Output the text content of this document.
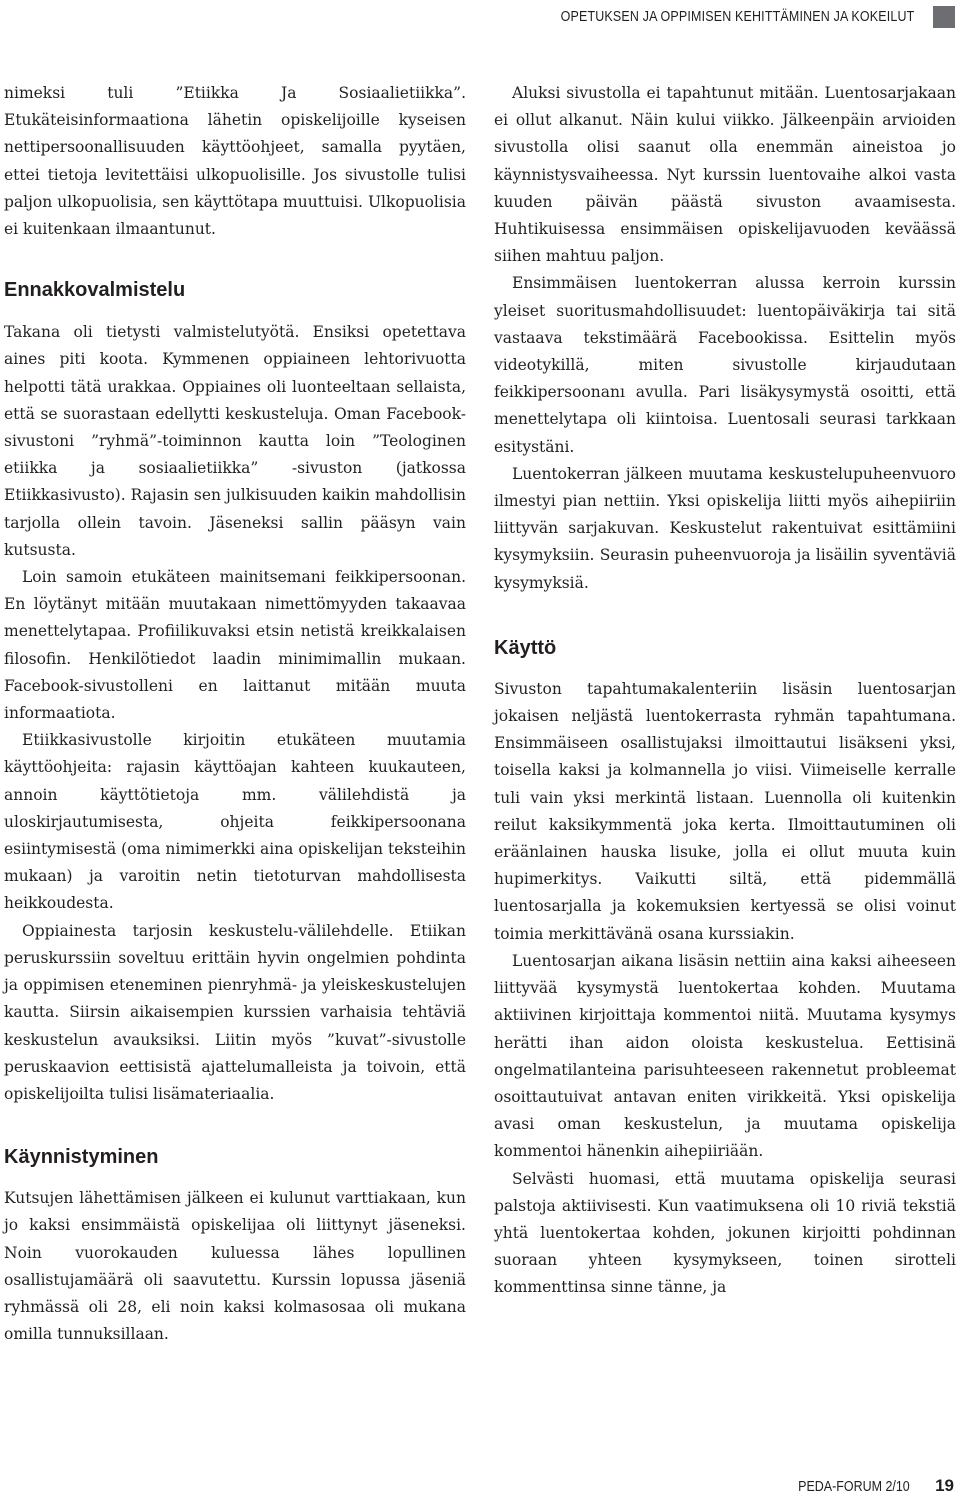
OPETUKSEN JA OPPIMISEN KEHITTÄMINEN JA KOKEILUT

nimeksi tuli ”Etiikka Ja Sosiaalietiikka”. Etukäteisinformaationa lähetin opiskelijoille kyseisen nettipersoonallisuuden käyttöohjeet, samalla pyytäen, ettei tietoja levitettäisi ulkopuolisille. Jos sivustolle tulisi paljon ulkopuolisia, sen käyttötapa muuttuisi. Ulkopuolisia ei kuitenkaan ilmaantunut.

Ennakkovalmistelu

Takana oli tietysti valmistelutyötä. Ensiksi opetettava aines piti koota. Kymmenen oppiaineen lehtorivuotta helpotti tätä urakkaa. Oppiaines oli luonteeltaan sellaista, että se suorastaan edellytti keskusteluja. Oman Facebook-sivustoni ”ryhmä”-toiminnon kautta loin ”Teologinen etiikka ja sosiaalietiikka” -sivuston (jatkossa Etiikkasivusto). Rajasin sen julkisuuden kaikin mahdollisin tarjolla ollein tavoin. Jäseneksi sallin pääsyn vain kutsusta.

Loin samoin etukäteen mainitsemani feikkipersoonan. En löytänyt mitään muutakaan nimettömyyden takaavaa menettelytapaa. Profiilikuvaksi etsin netistä kreikkalaisen filosofin. Henkilötiedot laadin minimimallin mukaan. Facebook-sivustolleni en laittanut mitään muuta informaatiota.

Etiikkasivustolle kirjoitin etukäteen muutamia käyttöohjeita: rajasin käyttöajan kahteen kuukauteen, annoin käyttötietoja mm. välilehdistä ja uloskirjautumisesta, ohjeita feikkipersoonana esiintymisestä (oma nimimerkki aina opiskelijan teksteihin mukaan) ja varoitin netin tietoturvan mahdollisesta heikkoudesta.

Oppiainesta tarjosin keskustelu-välilehdelle. Etiikan peruskurssiin soveltuu erittäin hyvin ongelmien pohdinta ja oppimisen eteneminen pienryhmä- ja yleiskeskustelujen kautta. Siirsin aikaisempien kurssien varhaisia tehtäviä keskustelun avauksiksi. Liitin myös ”kuvat”-sivustolle peruskaavion eettisistä ajattelumalleista ja toivoin, että opiskelijoilta tulisi lisämateriaalia.

Käynnistyminen

Kutsujen lähettämisen jälkeen ei kulunut varttiakaan, kun jo kaksi ensimmäistä opiskelijaa oli liittynyt jäseneksi. Noin vuorokauden kuluessa lähes lopullinen osallistujamäärä oli saavutettu. Kurssin lopussa jäseniä ryhmässä oli 28, eli noin kaksi kolmasosaa oli mukana omilla tunnuksillaan.

Aluksi sivustolla ei tapahtunut mitään. Luentosarjakaan ei ollut alkanut. Näin kului viikko. Jälkeenpäin arvioiden sivustolla olisi saanut olla enemmän aineistoa jo käynnistysvaiheessa. Nyt kurssin luentovaihe alkoi vasta kuuden päivän päästä sivuston avaamisesta. Huhtikuisessa ensimmäisen opiskelijavuoden keväässä siihen mahtuu paljon.

Ensimmäisen luentokerran alussa kerroin kurssin yleiset suoritusmahdollisuudet: luentopäiväkirja tai sitä vastaava tekstimäärä Facebookissa. Esittelin myös videotykillä, miten sivustolle kirjaudutaan feikkipersoonanı avulla. Pari lisäkysymystä osoitti, että menettelytapa oli kiintoisa. Luentosali seurasi tarkkaan esitystäni.

Luentokerran jälkeen muutama keskustelupuheenvuoro ilmestyi pian nettiin. Yksi opiskelija liitti myös aihepiiriin liittyvän sarjakuvan. Keskustelut rakentuivat esittämiini kysymyksiin. Seurasin puheenvuoroja ja lisäilin syventäviä kysymyksiä.

Käyttö

Sivuston tapahtumakalenteriin lisäsin luentosarjan jokaisen neljästä luentokerrasta ryhmän tapahtumana. Ensimmäiseen osallistujaksi ilmoittautui lisäkseni yksi, toisella kaksi ja kolmannella jo viisi. Viimeiselle kerralle tuli vain yksi merkintä listaan. Luennolla oli kuitenkin reilut kaksikymmentä joka kerta. Ilmoittautuminen oli eräänlainen hauska lisuke, jolla ei ollut muuta kuin hupimerkitys. Vaikutti siltä, että pidemmällä luentosarjalla ja kokemuksien kertyessä se olisi voinut toimia merkittävänä osana kurssiakin.

Luentosarjan aikana lisäsin nettiin aina kaksi aiheeseen liittyvää kysymystä luentokertaa kohden. Muutama aktiivinen kirjoittaja kommentoi niitä. Muutama kysymys herätti ihan aidon oloista keskustelua. Eettisinä ongelmatilanteina parisuhteeseen rakennetut probleemat osoittautuivat antavan eniten virikkeitä. Yksi opiskelija avasi oman keskustelun, ja muutama opiskelija kommentoi hänenkin aihepiiriään.

Selvästi huomasi, että muutama opiskelija seurasi palstoja aktiivisesti. Kun vaatimuksena oli 10 riviä tekstiä yhtä luentokertaa kohden, jokunen kirjoitti pohdinnan suoraan yhteen kysymykseen, toinen sirotteli kommenttinsa sinne tänne, ja

PEDA-FORUM 2/10 19
